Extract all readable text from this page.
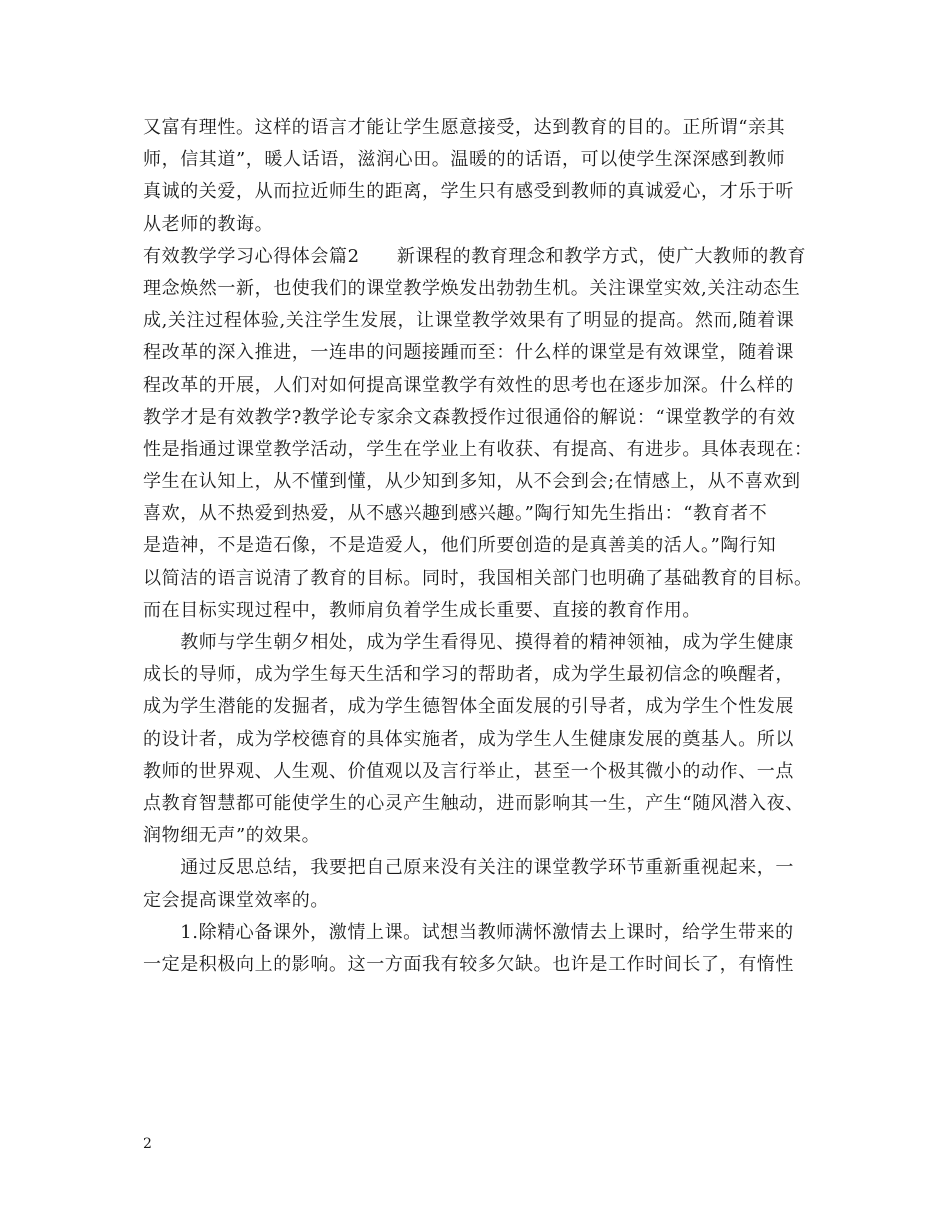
又富有理性。这样的语言才能让学生愿意接受，达到教育的目的。正所谓“亲其
师，信其道”，暖人话语，滋润心田。温暖的的话语，可以使学生深深感到教师
真诚的关爱，从而拉近师生的距离，学生只有感受到教师的真诚爱心，才乐于听
从老师的教诲。
有效教学学习心得体会篇2　　新课程的教育理念和教学方式，使广大教师的教育
理念焕然一新，也使我们的课堂教学焕发出勃勃生机。关注课堂实效,关注动态生
成,关注过程体验,关注学生发展，让课堂教学效果有了明显的提高。然而,随着课
程改革的深入推进，一连串的问题接踵而至：什么样的课堂是有效课堂，随着课
程改革的开展，人们对如何提高课堂教学有效性的思考也在逐步加深。什么样的
教学才是有效教学?教学论专家余文森教授作过很通俗的解说：“课堂教学的有效
性是指通过课堂教学活动，学生在学业上有收获、有提高、有进步。具体表现在：
学生在认知上，从不懂到懂，从少知到多知，从不会到会;在情感上，从不喜欢到
喜欢，从不热爱到热爱，从不感兴趣到感兴趣。”陶行知先生指出：“教育者不
是造神，不是造石像，不是造爱人，他们所要创造的是真善美的活人。”陶行知
以简洁的语言说清了教育的目标。同时，我国相关部门也明确了基础教育的目标。
而在目标实现过程中，教师肩负着学生成长重要、直接的教育作用。
　　教师与学生朝夕相处，成为学生看得见、摸得着的精神领袖，成为学生健康
成长的导师，成为学生每天生活和学习的帮助者，成为学生最初信念的唤醒者，
成为学生潜能的发掘者，成为学生德智体全面发展的引导者，成为学生个性发展
的设计者，成为学校德育的具体实施者，成为学生人生健康发展的奠基人。所以
教师的世界观、人生观、价值观以及言行举止，甚至一个极其微小的动作、一点
点教育智慧都可能使学生的心灵产生触动，进而影响其一生，产生“随风潜入夜、
润物细无声”的效果。
　　通过反思总结，我要把自己原来没有关注的课堂教学环节重新重视起来，一
定会提高课堂效率的。
　　1.除精心备课外，激情上课。试想当教师满怀激情去上课时，给学生带来的
一定是积极向上的影响。这一方面我有较多欠缺。也许是工作时间长了，有惰性
2
